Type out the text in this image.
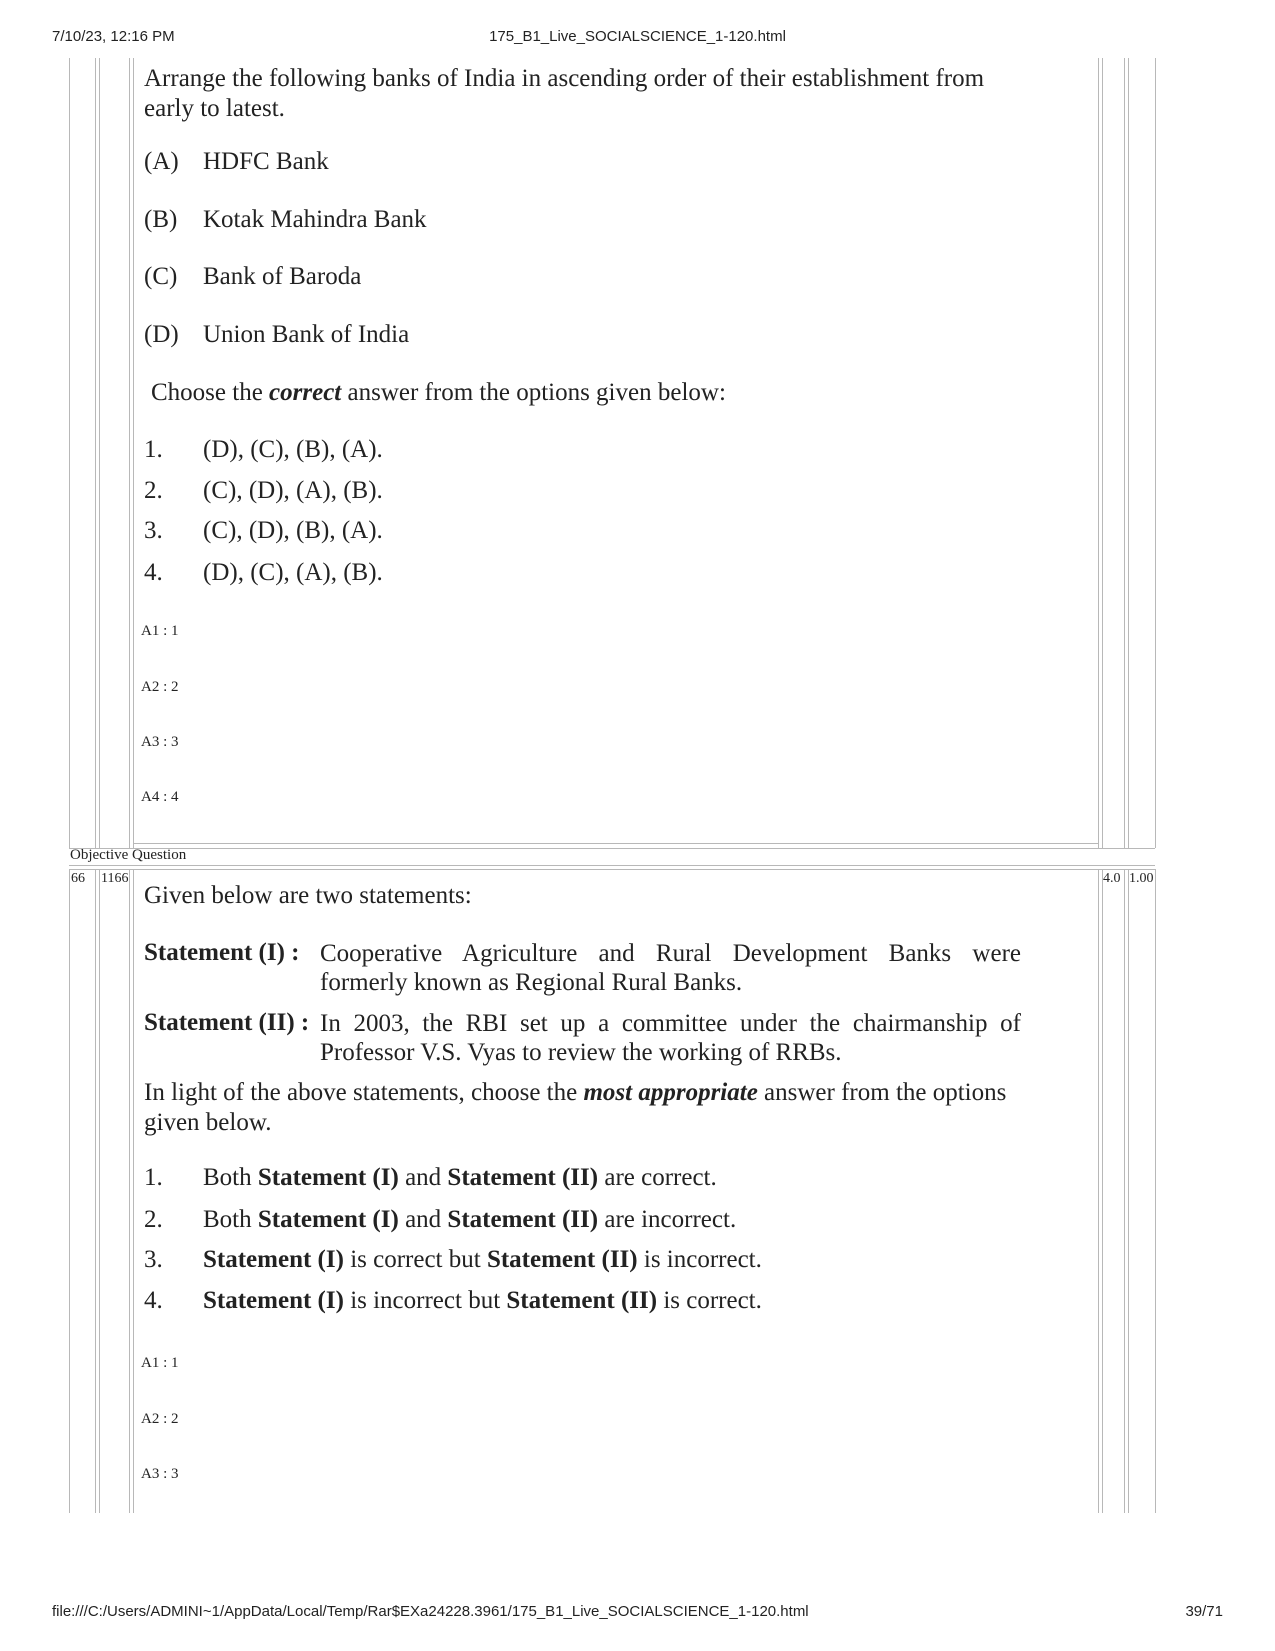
7/10/23, 12:16 PM	175_B1_Live_SOCIALSCIENCE_1-120.html
Arrange the following banks of India in ascending order of their establishment from
early to latest.
(A) HDFC Bank
(B) Kotak Mahindra Bank
(C) Bank of Baroda
(D) Union Bank of India
Choose the correct answer from the options given below:
1. (D), (C), (B), (A).
2. (C), (D), (A), (B).
3. (C), (D), (B), (A).
4. (D), (C), (A), (B).
A1 : 1
A2 : 2
A3 : 3
A4 : 4
Objective Question
66 1166	4.0 1.00
Given below are two statements:
Statement (I) : Cooperative Agriculture and Rural Development Banks were
formerly known as Regional Rural Banks.
Statement (II) : In 2003, the RBI set up a committee under the chairmanship of
Professor V.S. Vyas to review the working of RRBs.
In light of the above statements, choose the most appropriate answer from the options
given below.
1. Both Statement (I) and Statement (II) are correct.
2. Both Statement (I) and Statement (II) are incorrect.
3. Statement (I) is correct but Statement (II) is incorrect.
4. Statement (I) is incorrect but Statement (II) is correct.
A1 : 1
A2 : 2
A3 : 3
file:///C:/Users/ADMINI~1/AppData/Local/Temp/Rar$EXa24228.3961/175_B1_Live_SOCIALSCIENCE_1-120.html	39/71
